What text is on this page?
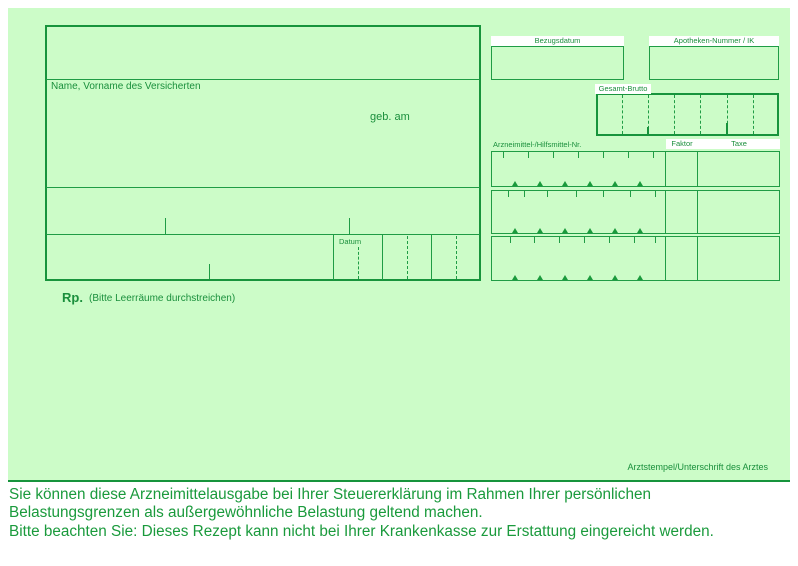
Name, Vorname des Versicherten
geb. am
Datum
Rp. (Bitte Leerräume durchstreichen)
Bezugsdatum	Apotheken-Nummer / IK
Gesamt-Brutto
Arzneimittel-/Hilfsmittel-Nr.	Faktor	Taxe
Arztstempel/Unterschrift des Arztes
Sie können diese Arzneimittelausgabe bei Ihrer Steuererklärung im Rahmen Ihrer persönlichen
Belastungsgrenzen als außergewöhnliche Belastung geltend machen.
Bitte beachten Sie: Dieses Rezept kann nicht bei Ihrer Krankenkasse zur Erstattung eingereicht werden.
